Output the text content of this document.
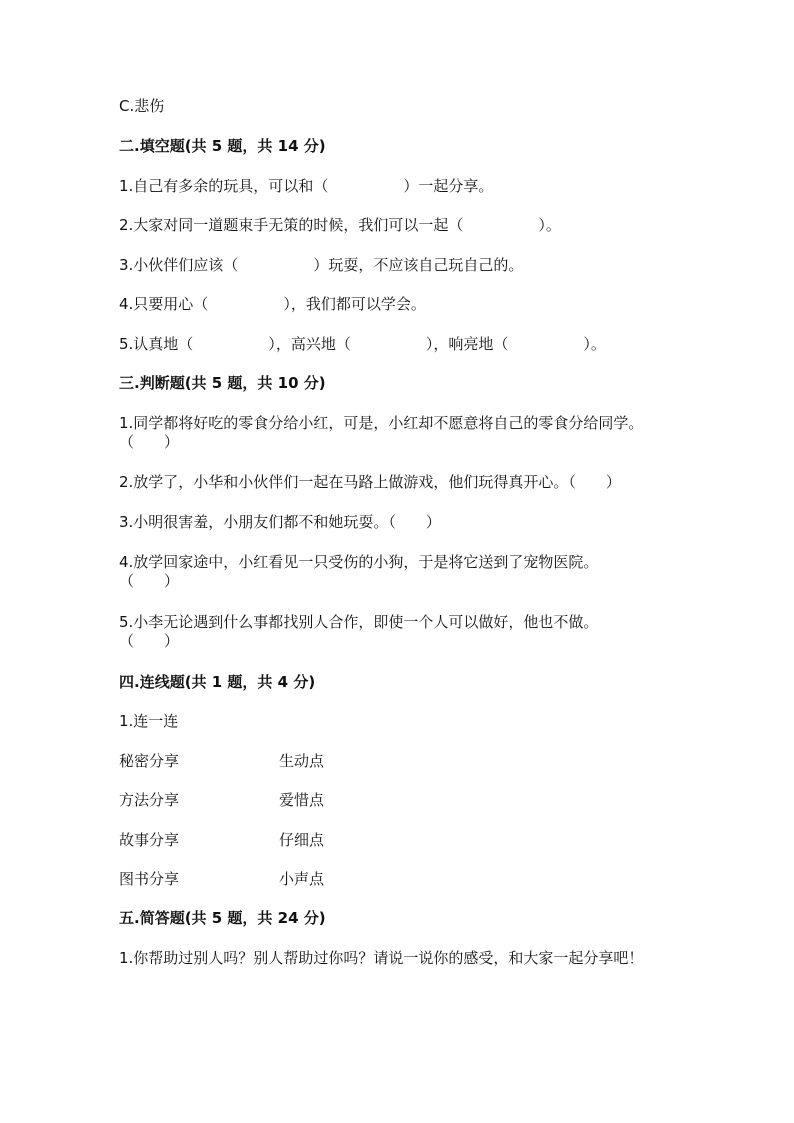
C.悲伤
二.填空题(共 5 题，共 14 分)
1.自己有多余的玩具，可以和（　　　　　）一起分享。
2.大家对同一道题束手无策的时候，我们可以一起（　　　　　）。
3.小伙伴们应该（　　　　　）玩耍，不应该自己玩自己的。
4.只要用心（　　　　　），我们都可以学会。
5.认真地（　　　　　），高兴地（　　　　　），响亮地（　　　　　）。
三.判断题(共 5 题，共 10 分)
1.同学都将好吃的零食分给小红，可是，小红却不愿意将自己的零食分给同学。（　　）
2.放学了，小华和小伙伴们一起在马路上做游戏，他们玩得真开心。（　　）
3.小明很害羞，小朋友们都不和她玩耍。（　　）
4.放学回家途中，小红看见一只受伤的小狗，于是将它送到了宠物医院。
（　　）
5.小李无论遇到什么事都找别人合作，即使一个人可以做好，他也不做。
（　　）
四.连线题(共 1 题，共 4 分)
1.连一连
秘密分享	生动点
方法分享	爱惜点
故事分享	仔细点
图书分享	小声点
五.简答题(共 5 题，共 24 分)
1.你帮助过别人吗？别人帮助过你吗？请说一说你的感受，和大家一起分享吧！
